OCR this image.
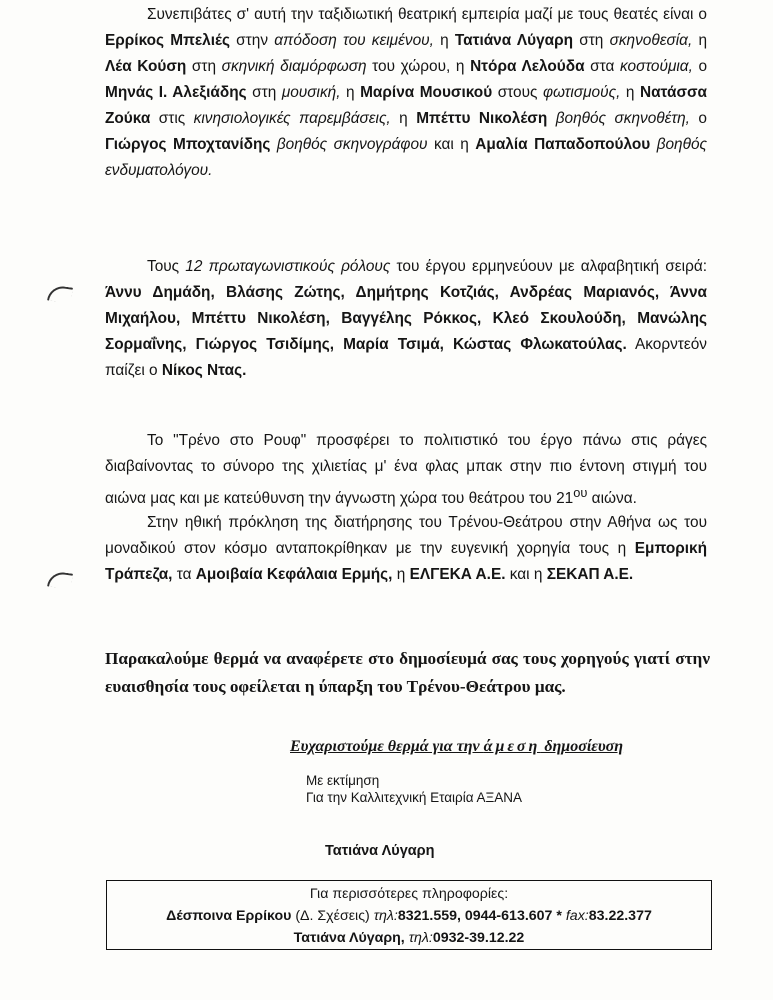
Συνεπιβάτες σ' αυτή την ταξιδιωτική θεατρική εμπειρία μαζί με τους θεατές είναι ο Ερρίκος Μπελιές στην απόδοση του κειμένου, η Τατιάνα Λύγαρη στη σκηνοθεσία, η Λέα Κούση στη σκηνική διαμόρφωση του χώρου, η Ντόρα Λελούδα στα κοστούμια, ο Μηνάς Ι. Αλεξιάδης στη μουσική, η Μαρίνα Μουσικού στους φωτισμούς, η Νατάσσα Ζούκα στις κινησιολογικές παρεμβάσεις, η Μπέττυ Νικολέση βοηθός σκηνοθέτη, ο Γιώργος Μποχτανίδης βοηθός σκηνογράφου και η Αμαλία Παπαδοπούλου βοηθός ενδυματολόγου.

Τους 12 πρωταγωνιστικούς ρόλους του έργου ερμηνεύουν με αλφαβητική σειρά: Άννυ Δημάδη, Βλάσης Ζώτης, Δημήτρης Κοτζιάς, Ανδρέας Μαριανός, Άννα Μιχαήλου, Μπέττυ Νικολέση, Βαγγέλης Ρόκκος, Κλεό Σκουλούδη, Μανώλης Σορμαΐνης, Γιώργος Τσιδίμης, Μαρία Τσιμά, Κώστας Φλωκατούλας. Ακορντεόν παίζει ο Νίκος Ντας.

Το "Τρένο στο Ρουφ" προσφέρει το πολιτιστικό του έργο πάνω στις ράγες διαβαίνοντας το σύνορο της χιλιετίας μ' ένα φλας μπακ στην πιο έντονη στιγμή του αιώνα μας και με κατεύθυνση την άγνωστη χώρα του θεάτρου του $21^{o\upsilon}$ αιώνα.

Στην ηθική πρόκληση της διατήρησης του Τρένου-Θεάτρου στην Αθήνα ως του μοναδικού στον κόσμο ανταποκρίθηκαν με την ευγενική χορηγία τους η Εμπορική Τράπεζα, τα Αμοιβαία Κεφάλαια Ερμής, η ΕΛΓΕΚΑ Α.Ε. και η ΣΕΚΑΠ Α.Ε.

Παρακαλούμε θερμά να αναφέρετε στο δημοσίευμά σας τους χορηγούς γιατί στην ευαισθησία τους οφείλεται η ύπαρξη του Τρένου-Θεάτρου μας.

Ευχαριστούμε θερμά για την άμεση δημοσίευση
Με εκτίμηση
Για την Καλλιτεχνική Εταιρία ΑΞΑΝΑ
Τατιάνα Λύγαρη
Για περισσότερες πληροφορίες:
Δέσποινα Ερρίκου (Δ. Σχέσεις) τηλ:8321.559, 0944-613.607 * fax:83.22.377
Τατιάνα Λύγαρη, τηλ:0932-39.12.22
